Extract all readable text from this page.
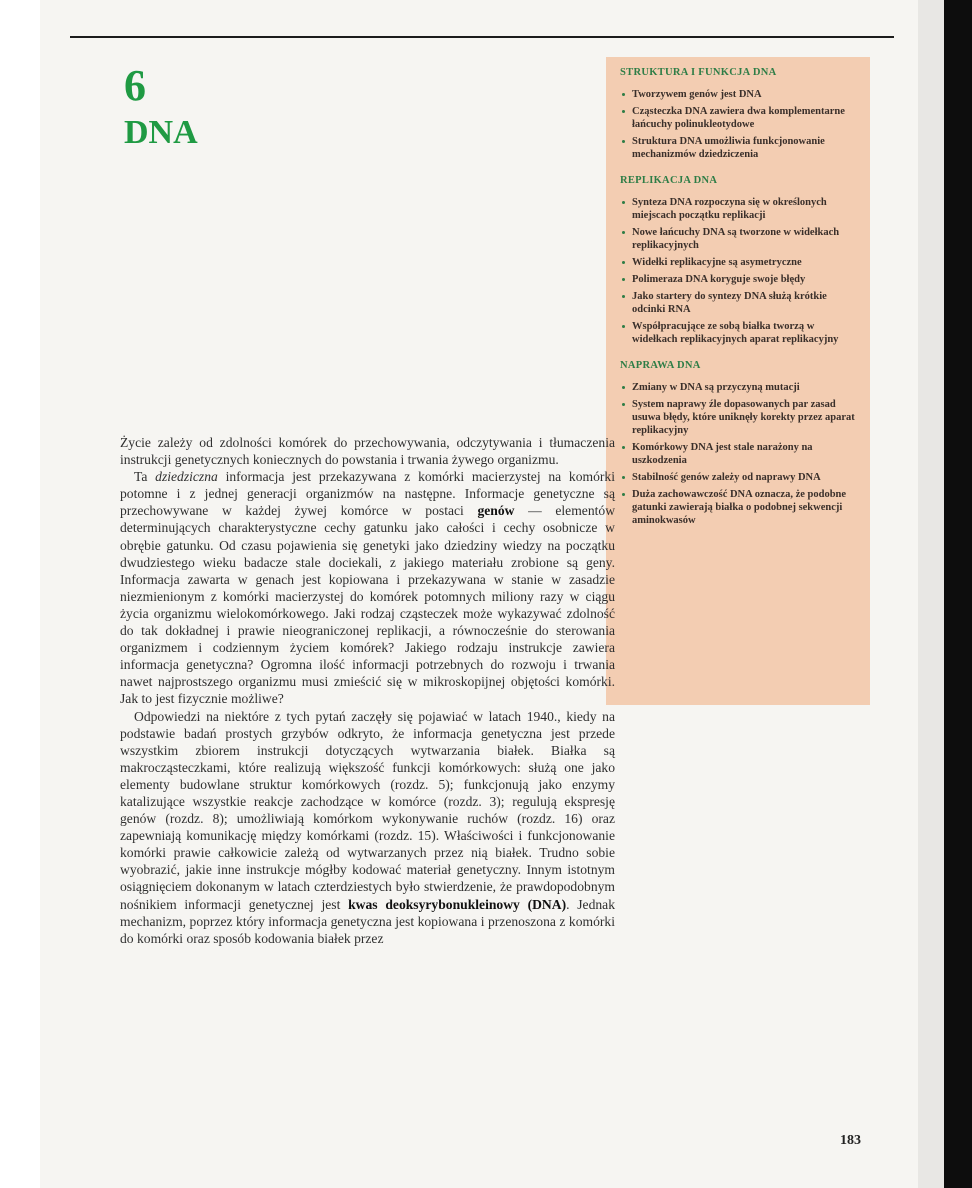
6
DNA
STRUKTURA I FUNKCJA DNA
Tworzywem genów jest DNA
Cząsteczka DNA zawiera dwa komplementarne łańcuchy polinukleotydowe
Struktura DNA umożliwia funkcjonowanie mechanizmów dziedziczenia
REPLIKACJA DNA
Synteza DNA rozpoczyna się w określonych miejscach początku replikacji
Nowe łańcuchy DNA są tworzone w widełkach replikacyjnych
Widełki replikacyjne są asymetryczne
Polimeraza DNA koryguje swoje błędy
Jako startery do syntezy DNA służą krótkie odcinki RNA
Współpracujące ze sobą białka tworzą w widełkach replikacyjnych aparat replikacyjny
NAPRAWA DNA
Zmiany w DNA są przyczyną mutacji
System naprawy źle dopasowanych par zasad usuwa błędy, które uniknęły korekty przez aparat replikacyjny
Komórkowy DNA jest stale narażony na uszkodzenia
Stabilność genów zależy od naprawy DNA
Duża zachowawczość DNA oznacza, że podobne gatunki zawierają białka o podobnej sekwencji aminokwasów

Życie zależy od zdolności komórek do przechowywania, odczytywania i tłumaczenia instrukcji genetycznych koniecznych do powstania i trwania żywego organizmu.

Ta dziedziczna informacja jest przekazywana z komórki macierzystej na komórki potomne i z jednej generacji organizmów na następne. Informacje genetyczne są przechowywane w każdej żywej komórce w postaci genów — elementów determinujących charakterystyczne cechy gatunku jako całości i cechy osobnicze w obrębie gatunku. Od czasu pojawienia się genetyki jako dziedziny wiedzy na początku dwudziestego wieku badacze stale dociekali, z jakiego materiału zrobione są geny. Informacja zawarta w genach jest kopiowana i przekazywana w stanie w zasadzie niezmienionym z komórki macierzystej do komórek potomnych miliony razy w ciągu życia organizmu wielokomórkowego. Jaki rodzaj cząsteczek może wykazywać zdolność do tak dokładnej i prawie nieograniczonej replikacji, a równocześnie do sterowania organizmem i codziennym życiem komórek? Jakiego rodzaju instrukcje zawiera informacja genetyczna? Ogromna ilość informacji potrzebnych do rozwoju i trwania nawet najprostszego organizmu musi zmieścić się w mikroskopijnej objętości komórki. Jak to jest fizycznie możliwe?

Odpowiedzi na niektóre z tych pytań zaczęły się pojawiać w latach 1940., kiedy na podstawie badań prostych grzybów odkryto, że informacja genetyczna jest przede wszystkim zbiorem instrukcji dotyczących wytwarzania białek. Białka są makrocząsteczkami, które realizują większość funkcji komórkowych: służą one jako elementy budowlane struktur komórkowych (rozdz. 5); funkcjonują jako enzymy katalizujące wszystkie reakcje zachodzące w komórce (rozdz. 3); regulują ekspresję genów (rozdz. 8); umożliwiają komórkom wykonywanie ruchów (rozdz. 16) oraz zapewniają komunikację między komórkami (rozdz. 15). Właściwości i funkcjonowanie komórki prawie całkowicie zależą od wytwarzanych przez nią białek. Trudno sobie wyobrazić, jakie inne instrukcje mógłby kodować materiał genetyczny. Innym istotnym osiągnięciem dokonanym w latach czterdziestych było stwierdzenie, że prawdopodobnym nośnikiem informacji genetycznej jest kwas deoksyrybonukleinowy (DNA). Jednak mechanizm, poprzez który informacja genetyczna jest kopiowana i przenoszona z komórki do komórki oraz sposób kodowania białek przez

183
